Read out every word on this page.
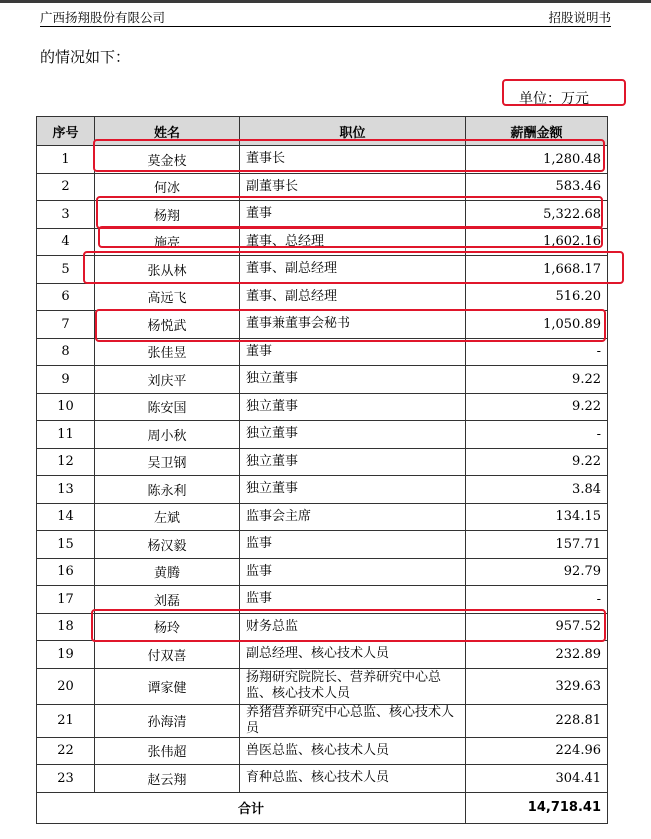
广西扬翔股份有限公司	招股说明书
的情况如下：
单位：万元
序号	姓名	职位	薪酬金额
1	莫金枝	董事长	1,280.48
2	何冰	副董事长	583.46
3	杨翔	董事	5,322.68
4	施亮	董事、总经理	1,602.16
5	张从林	董事、副总经理	1,668.17
6	高远飞	董事、副总经理	516.20
7	杨悦武	董事兼董事会秘书	1,050.89
8	张佳昱	董事	-
9	刘庆平	独立董事	9.22
10	陈安国	独立董事	9.22
11	周小秋	独立董事	-
12	吴卫钢	独立董事	9.22
13	陈永利	独立董事	3.84
14	左斌	监事会主席	134.15
15	杨汉毅	监事	157.71
16	黄腾	监事	92.79
17	刘磊	监事	-
18	杨玲	财务总监	957.52
19	付双喜	副总经理、核心技术人员	232.89
20	谭家健	扬翔研究院院长、营养研究中心总监、核心技术人员	329.63
21	孙海清	养猪营养研究中心总监、核心技术人员	228.81
22	张伟超	兽医总监、核心技术人员	224.96
23	赵云翔	育种总监、核心技术人员	304.41
合计			14,718.41
